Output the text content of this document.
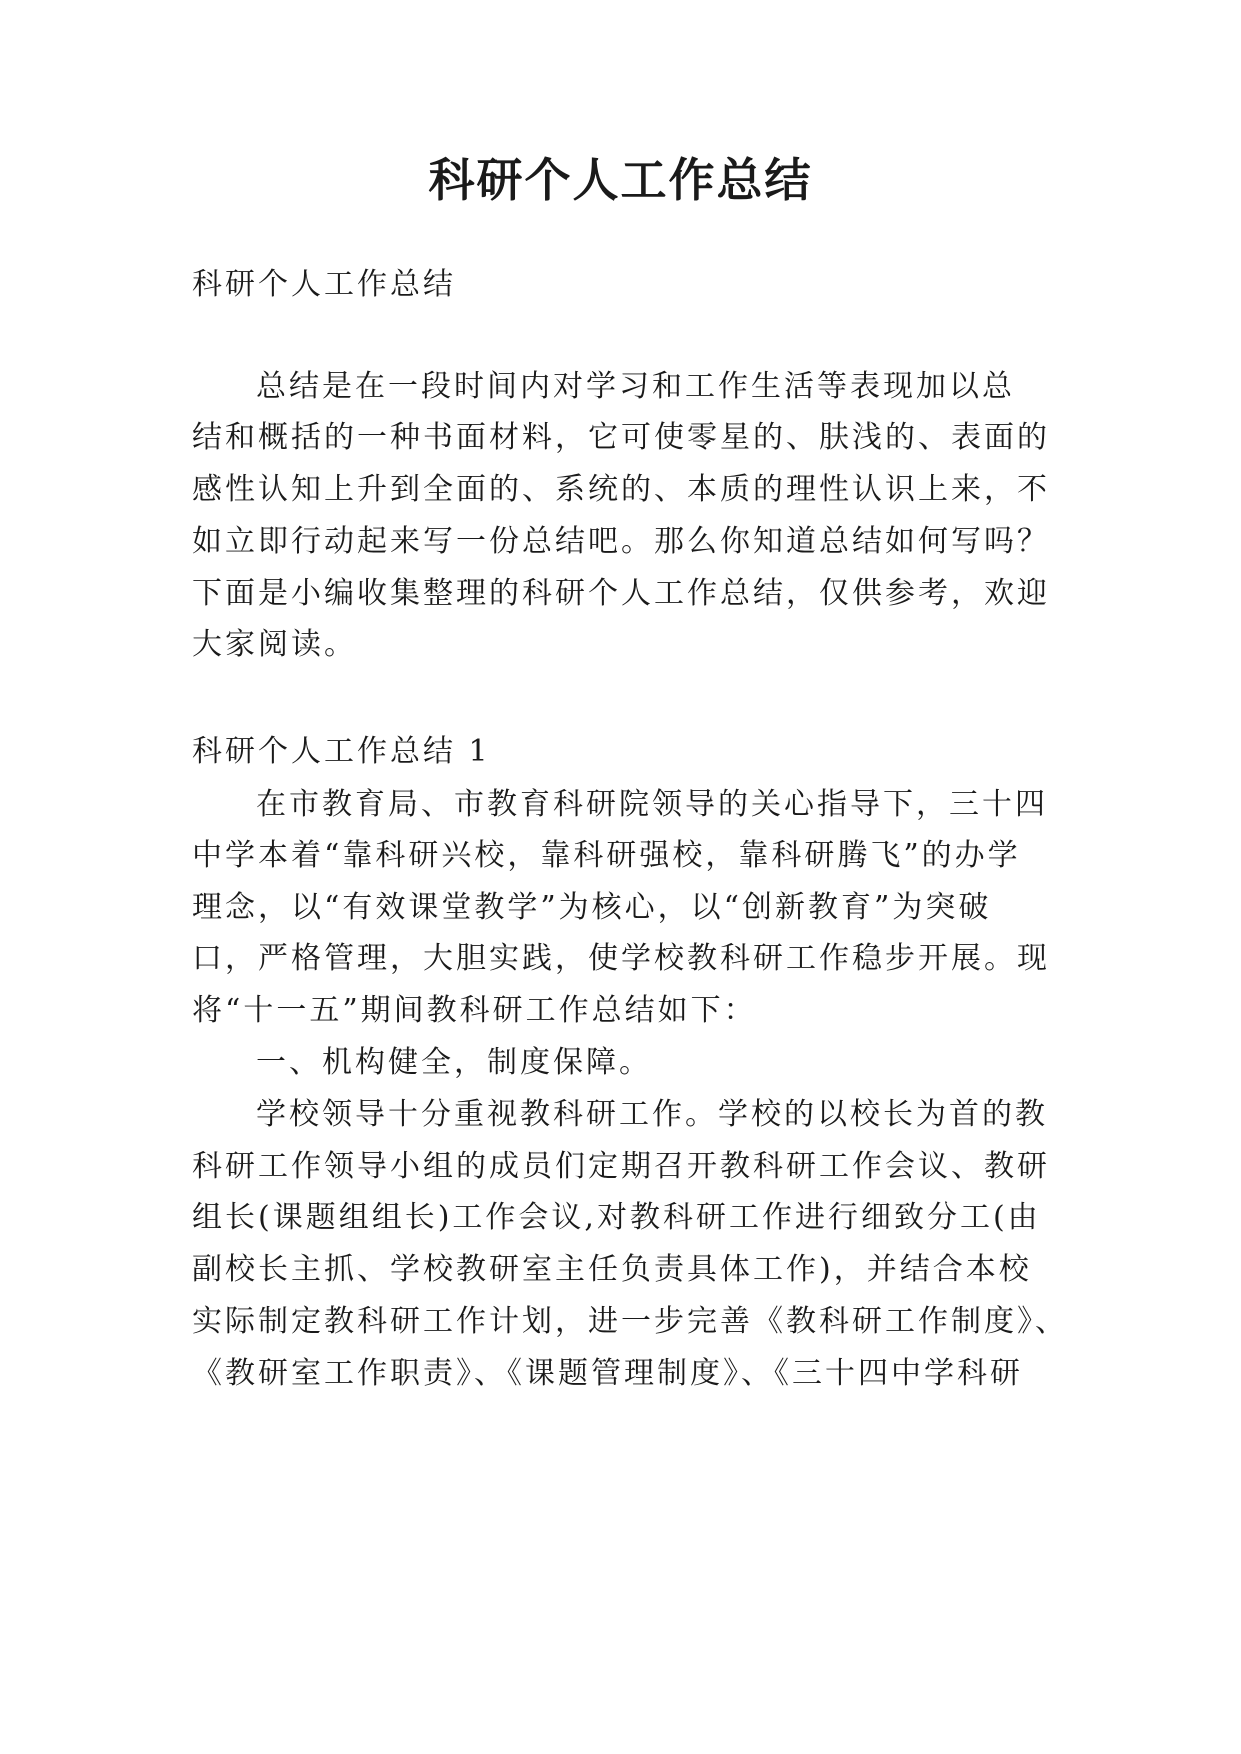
科研个人工作总结

科研个人工作总结

总结是在一段时间内对学习和工作生活等表现加以总

结和概括的一种书面材料，它可使零星的、肤浅的、表面的

感性认知上升到全面的、系统的、本质的理性认识上来，不

如立即行动起来写一份总结吧。那么你知道总结如何写吗？

下面是小编收集整理的科研个人工作总结，仅供参考，欢迎

大家阅读。

科研个人工作总结 1

在市教育局、市教育科研院领导的关心指导下，三十四

中学本着“靠科研兴校，靠科研强校，靠科研腾飞”的办学

理念，以“有效课堂教学”为核心，以“创新教育”为突破

口，严格管理，大胆实践，使学校教科研工作稳步开展。现

将“十一五”期间教科研工作总结如下：

一、机构健全，制度保障。

学校领导十分重视教科研工作。学校的以校长为首的教

科研工作领导小组的成员们定期召开教科研工作会议、教研

组长(课题组组长)工作会议,对教科研工作进行细致分工(由

副校长主抓、学校教研室主任负责具体工作)，并结合本校

实际制定教科研工作计划，进一步完善《教科研工作制度》、

《教研室工作职责》、《课题管理制度》、《三十四中学科研
